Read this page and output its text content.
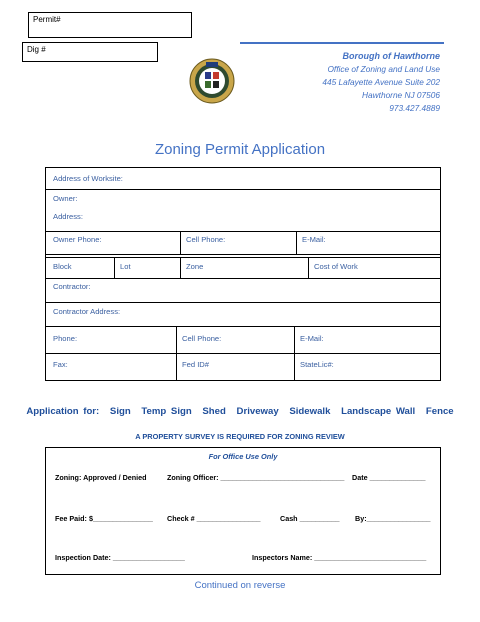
Permit#
Dig #
Borough of Hawthorne
Office of Zoning and Land Use
445 Lafayette Avenue Suite 202
Hawthorne NJ 07506
973.427.4889
Zoning Permit Application
Address of Worksite:
Owner:
Address:
Owner Phone:	Cell Phone:	E-Mail:
Block	Lot	Zone	Cost of Work
Contractor:
Contractor Address:
Phone:	Cell Phone:	E-Mail:
Fax:	Fed ID#	StateLic#:
Application for: Sign Temp Sign Shed Driveway Sidewalk Landscape Wall Fence
A PROPERTY SURVEY IS REQUIRED FOR ZONING REVIEW
For Office Use Only
Zoning: Approved / Denied	Zoning Officer: _______________________________ Date ______________
Fee Paid: $_______________ Check # ________________	Cash __________ By:________________
Inspection Date: __________________	Inspectors Name: ____________________________
Continued on reverse
